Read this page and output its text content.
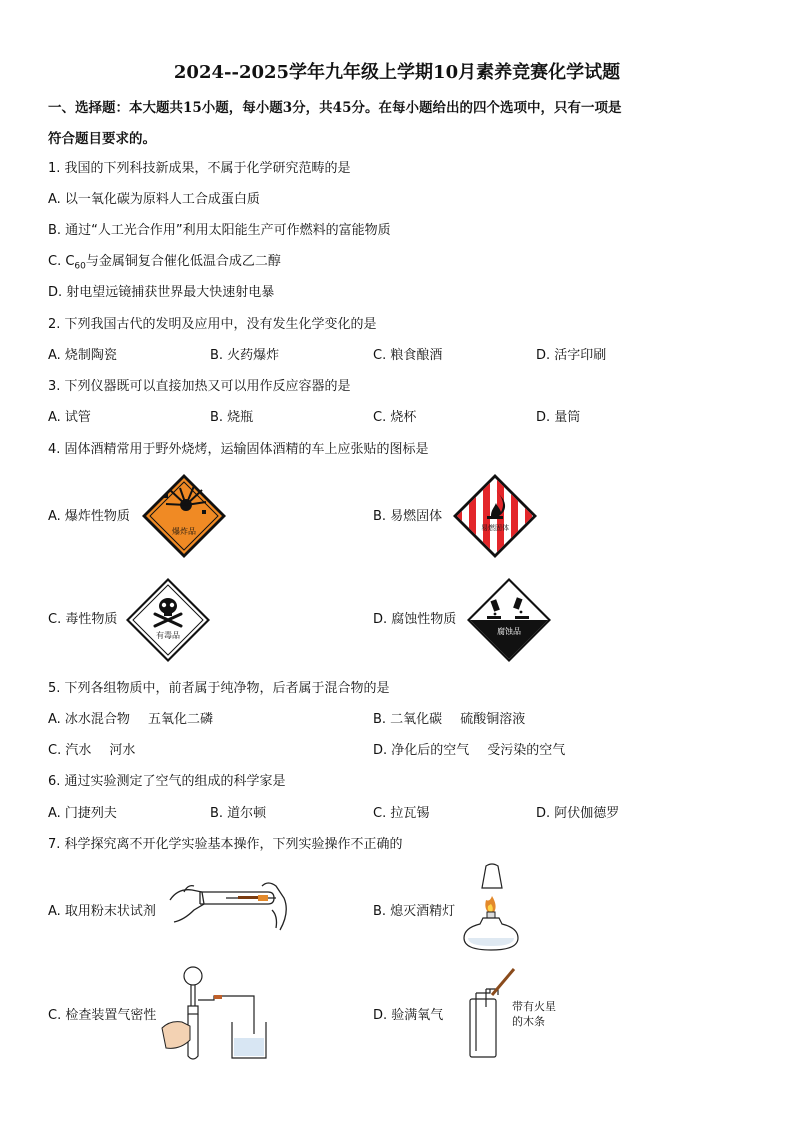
2024--2025学年九年级上学期10月素养竞赛化学试题
一、选择题：本大题共15小题，每小题3分，共45分。在每小题给出的四个选项中，只有一项是
符合题目要求的。
1. 我国的下列科技新成果，不属于化学研究范畴的是
A. 以一氧化碳为原料人工合成蛋白质
B. 通过“人工光合作用”利用太阳能生产可作燃料的富能物质
C. $C_{60}$与金属铜复合催化低温合成乙二醇
D. 射电望远镜捕获世界最大快速射电暴
2. 下列我国古代的发明及应用中，没有发生化学变化的是
A. 烧制陶瓷	B. 火药爆炸	C. 粮食酿酒	D. 活字印刷
3. 下列仪器既可以直接加热又可以用作反应容器的是
A. 试管	B. 烧瓶	C. 烧杯	D. 量筒
4. 固体酒精常用于野外烧烤，运输固体酒精的车上应张贴的图标是
A. 爆炸性物质	B. 易燃固体
C. 毒性物质	D. 腐蚀性物质
爆炸品	易燃固体
有毒品	腐蚀品
5. 下列各组物质中，前者属于纯净物，后者属于混合物的是
A. 冰水混合物 五氧化二磷	B. 二氧化碳 硫酸铜溶液
C. 汽水 河水	D. 净化后的空气 受污染的空气
6. 通过实验测定了空气的组成的科学家是
A. 门捷列夫	B. 道尔顿	C. 拉瓦锡	D. 阿伏伽德罗
7. 科学探究离不开化学实验基本操作，下列实验操作不正确的
A. 取用粉末状试剂	B. 熄灭酒精灯
C. 检查装置气密性	D. 验满氧气
带有火星
的木条
